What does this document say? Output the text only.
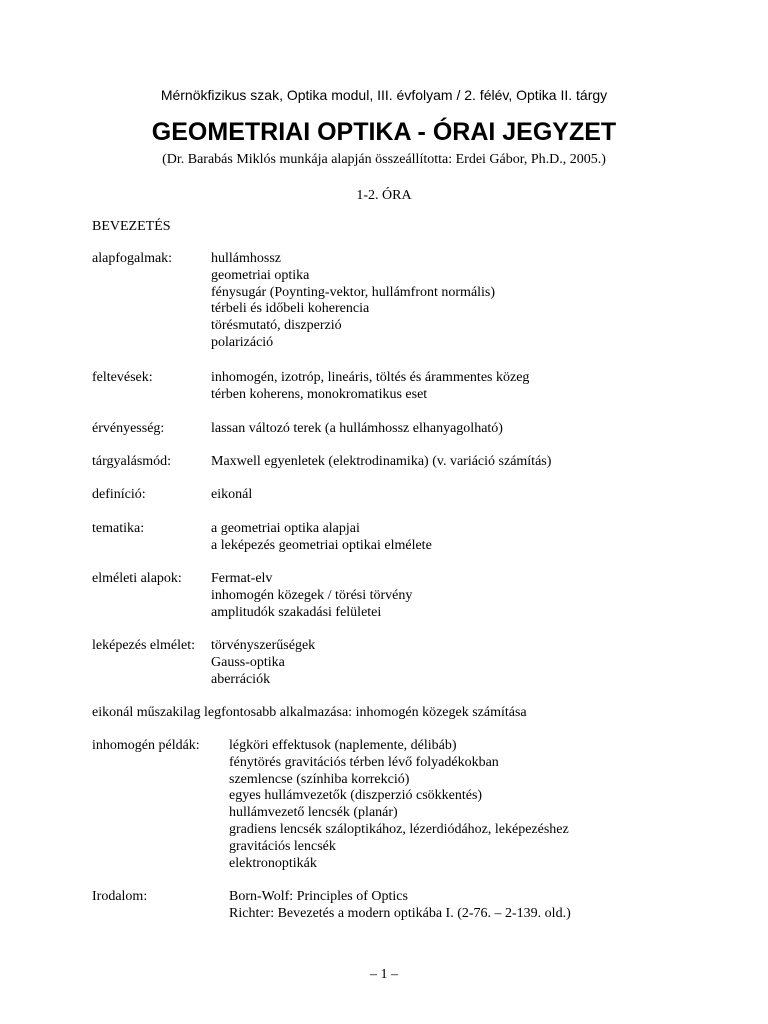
Mérnökfizikus szak, Optika modul, III. évfolyam / 2. félév, Optika II. tárgy
GEOMETRIAI OPTIKA - ÓRAI JEGYZET
(Dr. Barabás Miklós munkája alapján összeállította: Erdei Gábor, Ph.D., 2005.)
1-2. ÓRA
BEVEZETÉS
alapfogalmak:	hullámhossz
geometriai optika
fénysugár (Poynting-vektor, hullámfront normális)
térbeli és időbeli koherencia
törésmutató, diszperzió
polarizáció
feltevések:	inhomogén, izotróp, lineáris, töltés és árammentes közeg
térben koherens, monokromatikus eset
érvényesség:	lassan változó terek (a hullámhossz elhanyagolható)
tárgyalásmód:	Maxwell egyenletek (elektrodinamika) (v. variáció számítás)
definíció:	eikonál
tematika:	a geometriai optika alapjai
a leképezés geometriai optikai elmélete
elméleti alapok: Fermat-elv
inhomogén közegek / törési törvény
amplitudók szakadási felületei
leképezés elmélet: törvényszerűségek
Gauss-optika
aberrációk
eikonál műszakilag legfontosabb alkalmazása: inhomogén közegek számítása
inhomogén példák: légköri effektusok (naplemente, délibáb)
fénytörés gravitációs térben lévő folyadékokban
szemlencse (színhiba korrekció)
egyes hullámvezetők (diszperzió csökkentés)
hullámvezető lencsék (planár)
gradiens lencsék száloptikához, lézerdiódához, leképezéshez
gravitációs lencsék
elektronoptikák
Irodalom:	Born-Wolf: Principles of Optics
Richter: Bevezetés a modern optikába I. (2-76. – 2-139. old.)
– 1 –
